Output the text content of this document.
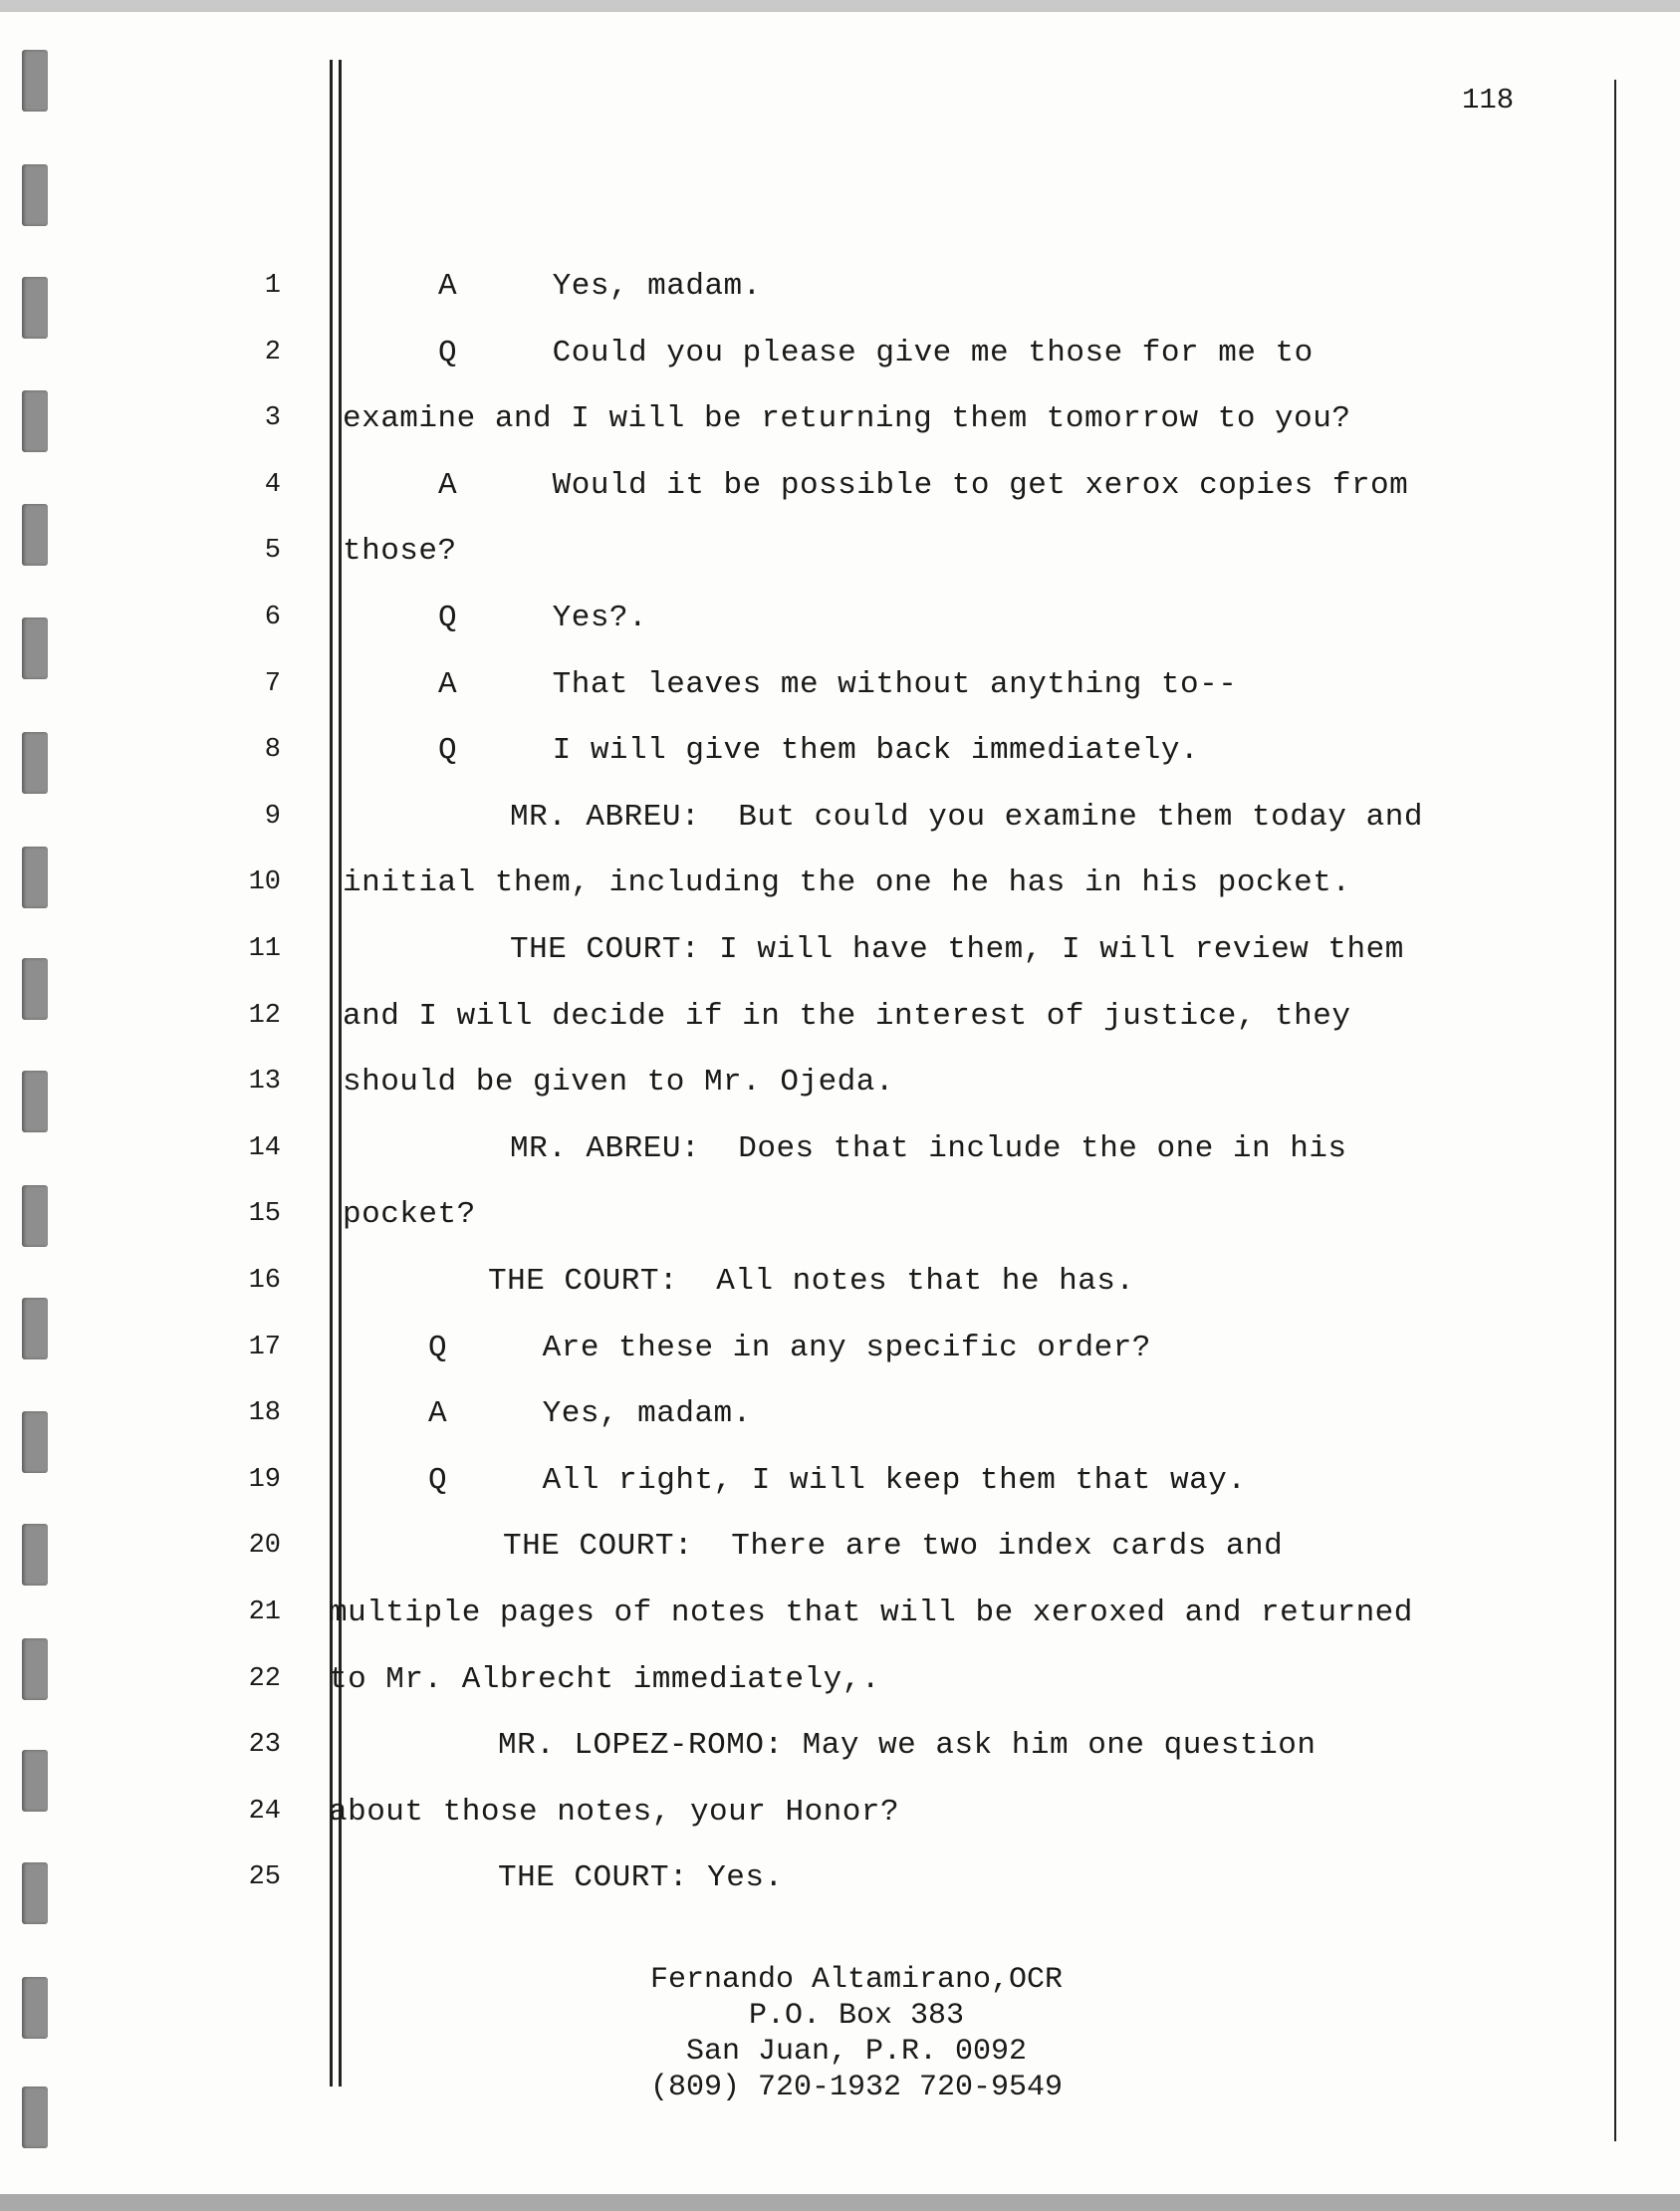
118
1	A     Yes, madam.
2	Q     Could you please give me those for me to
3 examine and I will be returning them tomorrow to you?
4	A     Would it be possible to get xerox copies from
5 those?
6	Q     Yes?.
7	A     That leaves me without anything to--
8	Q     I will give them back immediately.
9	MR. ABREU:  But could you examine them today and
10 initial them, including the one he has in his pocket.
11	THE COURT: I will have them, I will review them
12 and I will decide if in the interest of justice, they
13 should be given to Mr. Ojeda.
14	MR. ABREU:  Does that include the one in his
15 pocket?
16	THE COURT:  All notes that he has.
17	Q     Are these in any specific order?
18	A     Yes, madam.
19	Q     All right, I will keep them that way.
20	THE COURT:  There are two index cards and
21 multiple pages of notes that will be xeroxed and returned
22 to Mr. Albrecht immediately,.
23	MR. LOPEZ-ROMO: May we ask him one question
24 about those notes, your Honor?
25	THE COURT: Yes.
Fernando Altamirano,OCR
P.O. Box 383
San Juan, P.R. 0092
(809) 720-1932 720-9549
